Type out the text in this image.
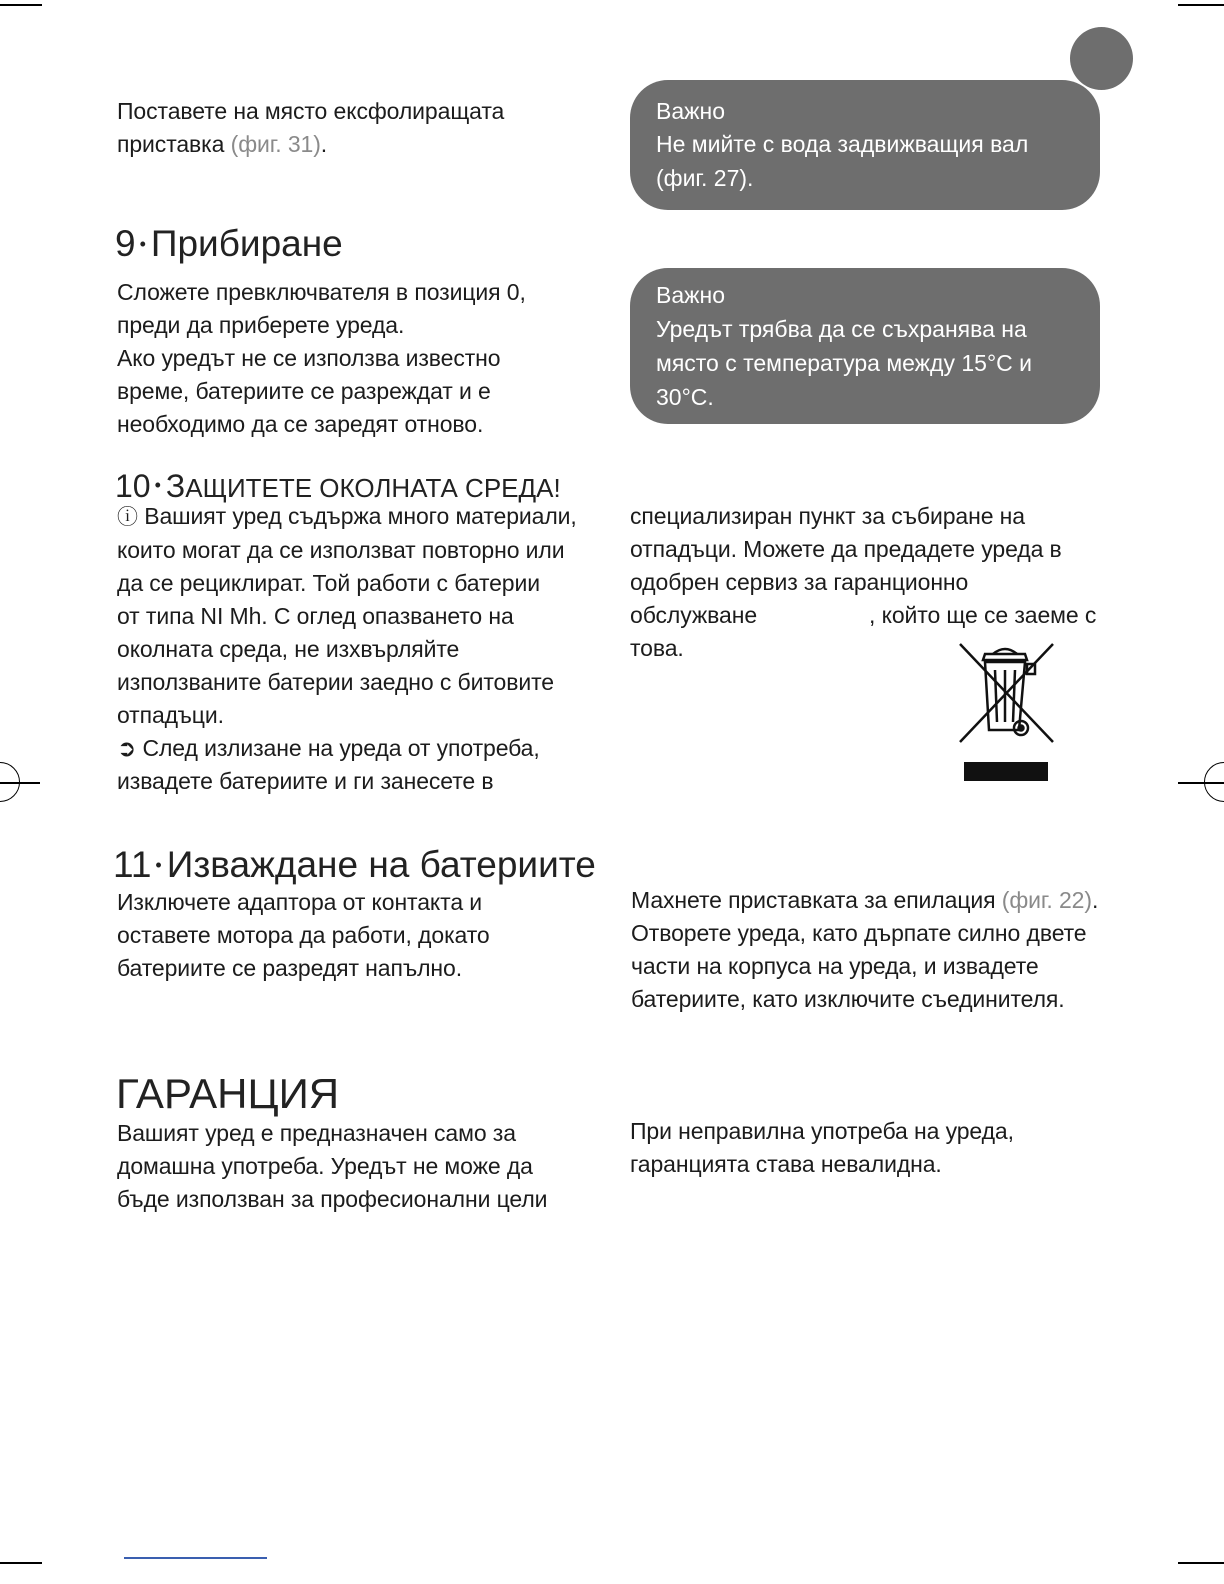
Поставете на място ексфолиращата
приставка (фиг. 31).

Важно
Не мийте с вода задвижващия вал
(фиг. 27).
9 • Прибиране

Сложете превключвателя в позиция 0,
преди да приберете уреда.
Ако уредът не се използва известно
време, батериите се разреждат и е
необходимо да се заредят отново.

Важно
Уредът трябва да се съхранява на
място с температура между 15°C и
30°C.
10 • ЗАЩИТЕТЕ ОКОЛНАТА СРЕДА!

ⓘ Вашият уред съдържа много материали,
които могат да се използват повторно или
да се рециклират. Той работи с батерии
от типа NI Mh. С оглед опазването на
околната среда, не изхвърляйте
използваните батерии заедно с битовите
отпадъци.
➲ След излизане на уреда от употреба,
извадете батериите и ги занесете в

специализиран пункт за събиране на
отпадъци. Можете да предадете уреда в
одобрен сервиз за гаранционно
обслужване	, който ще се заеме с
това.

11 • Изваждане на батериите

Изключете адаптора от контакта и
оставете мотора да работи, докато
батериите се разредят напълно.

Махнете приставката за епилация (фиг. 22).
Отворете уреда, като дърпате силно двете
части на корпуса на уреда, и извадете
батериите, като изключите съединителя.

ГАРАНЦИЯ

Вашият уред е предназначен само за
домашна употреба. Уредът не може да
бъде използван за професионални цели

При неправилна употреба на уреда,
гаранцията става невалидна.
